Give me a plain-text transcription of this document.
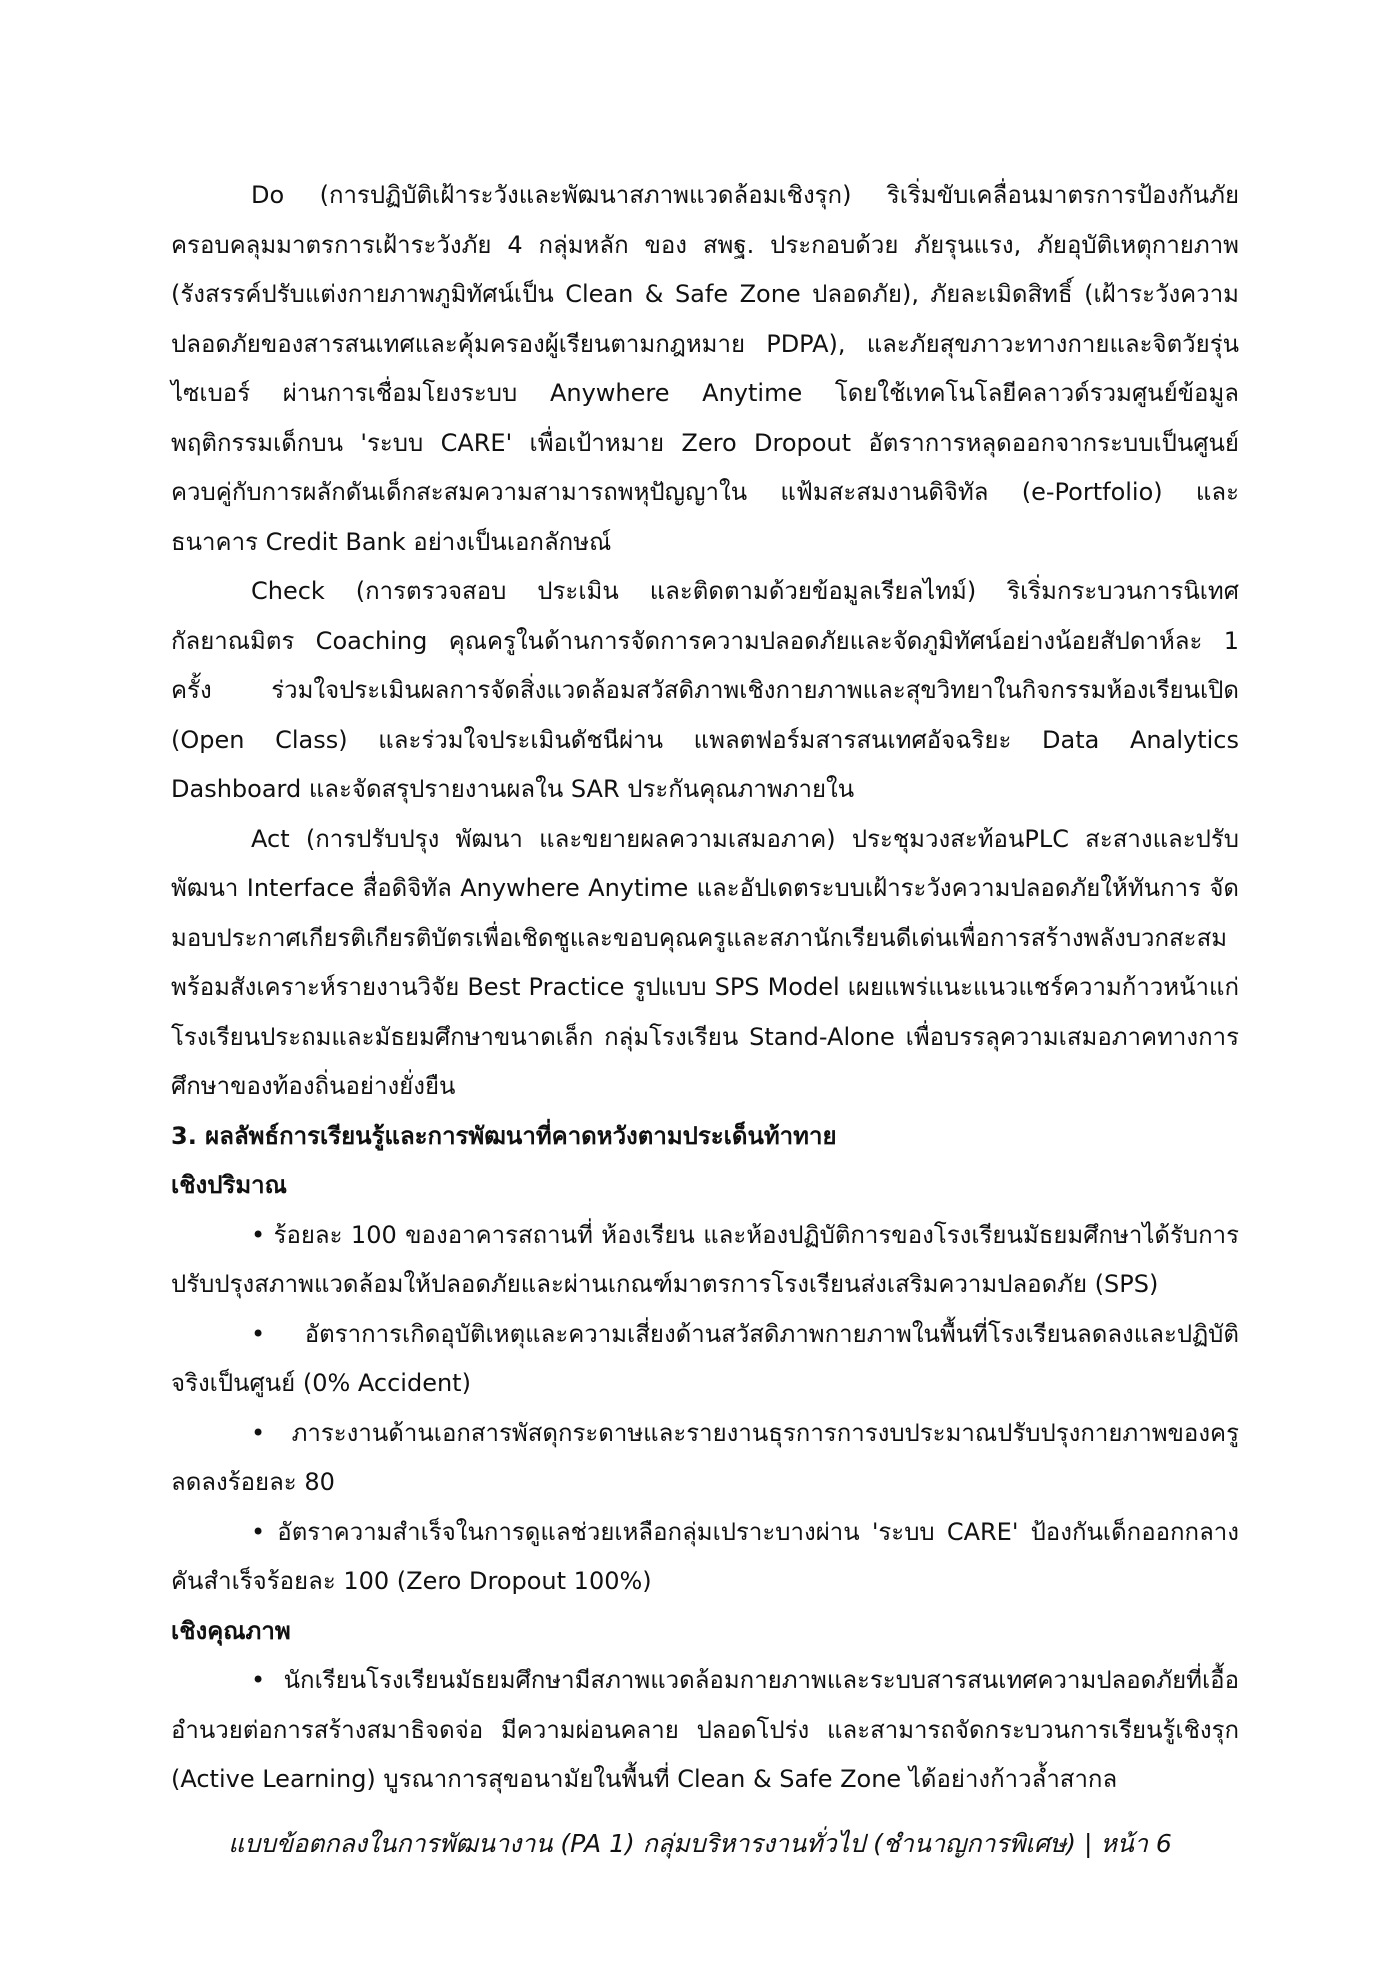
Do (การปฏิบัติเฝ้าระวังและพัฒนาสภาพแวดล้อมเชิงรุก) ริเริ่มขับเคลื่อนมาตรการป้องกันภัยครอบคลุมมาตรการเฝ้าระวังภัย 4 กลุ่มหลัก ของ สพฐ. ประกอบด้วย ภัยรุนแรง, ภัยอุบัติเหตุกายภาพ (รังสรรค์ปรับแต่งกายภาพภูมิทัศน์เป็น Clean & Safe Zone ปลอดภัย), ภัยละเมิดสิทธิ์ (เฝ้าระวังความปลอดภัยของสารสนเทศและคุ้มครองผู้เรียนตามกฎหมาย PDPA), และภัยสุขภาวะทางกายและจิตวัยรุ่นไซเบอร์ ผ่านการเชื่อมโยงระบบ Anywhere Anytime โดยใช้เทคโนโลยีคลาวด์รวมศูนย์ข้อมูลพฤติกรรมเด็กบน 'ระบบ CARE' เพื่อเป้าหมาย Zero Dropout อัตราการหลุดออกจากระบบเป็นศูนย์ ควบคู่กับการผลักดันเด็กสะสมความสามารถพหุปัญญาใน แฟ้มสะสมงานดิจิทัล (e-Portfolio) และธนาคาร Credit Bank อย่างเป็นเอกลักษณ์

Check (การตรวจสอบ ประเมิน และติดตามด้วยข้อมูลเรียลไทม์) ริเริ่มกระบวนการนิเทศกัลยาณมิตร Coaching คุณครูในด้านการจัดการความปลอดภัยและจัดภูมิทัศน์อย่างน้อยสัปดาห์ละ 1 ครั้ง ร่วมใจประเมินผลการจัดสิ่งแวดล้อมสวัสดิภาพเชิงกายภาพและสุขวิทยาในกิจกรรมห้องเรียนเปิด (Open Class) และร่วมใจประเมินดัชนีผ่าน แพลตฟอร์มสารสนเทศอัจฉริยะ Data Analytics Dashboard และจัดสรุปรายงานผลใน SAR ประกันคุณภาพภายใน

Act (การปรับปรุง พัฒนา และขยายผลความเสมอภาค) ประชุมวงสะท้อนPLC สะสางและปรับพัฒนา Interface สื่อดิจิทัล Anywhere Anytime และอัปเดตระบบเฝ้าระวังความปลอดภัยให้ทันการ จัดมอบประกาศเกียรติเกียรติบัตรเพื่อเชิดชูและขอบคุณครูและสภานักเรียนดีเด่นเพื่อการสร้างพลังบวกสะสม พร้อมสังเคราะห์รายงานวิจัย Best Practice รูปแบบ SPS Model เผยแพร่แนะแนวแชร์ความก้าวหน้าแก่โรงเรียนประถมและมัธยมศึกษาขนาดเล็ก กลุ่มโรงเรียน Stand-Alone เพื่อบรรลุความเสมอภาคทางการศึกษาของท้องถิ่นอย่างยั่งยืน

3. ผลลัพธ์การเรียนรู้และการพัฒนาที่คาดหวังตามประเด็นท้าทาย

เชิงปริมาณ

• ร้อยละ 100 ของอาคารสถานที่ ห้องเรียน และห้องปฏิบัติการของโรงเรียนมัธยมศึกษาได้รับการปรับปรุงสภาพแวดล้อมให้ปลอดภัยและผ่านเกณฑ์มาตรการโรงเรียนส่งเสริมความปลอดภัย (SPS)

• อัตราการเกิดอุบัติเหตุและความเสี่ยงด้านสวัสดิภาพกายภาพในพื้นที่โรงเรียนลดลงและปฏิบัติจริงเป็นศูนย์ (0% Accident)

• ภาระงานด้านเอกสารพัสดุกระดาษและรายงานธุรการการงบประมาณปรับปรุงกายภาพของครูลดลงร้อยละ 80

• อัตราความสำเร็จในการดูแลช่วยเหลือกลุ่มเปราะบางผ่าน 'ระบบ CARE' ป้องกันเด็กออกกลางคันสำเร็จร้อยละ 100 (Zero Dropout 100%)

เชิงคุณภาพ

• นักเรียนโรงเรียนมัธยมศึกษามีสภาพแวดล้อมกายภาพและระบบสารสนเทศความปลอดภัยที่เอื้ออำนวยต่อการสร้างสมาธิจดจ่อ มีความผ่อนคลาย ปลอดโปร่ง และสามารถจัดกระบวนการเรียนรู้เชิงรุก (Active Learning) บูรณาการสุขอนามัยในพื้นที่ Clean & Safe Zone ได้อย่างก้าวล้ำสากล

แบบข้อตกลงในการพัฒนางาน (PA 1) กลุ่มบริหารงานทั่วไป (ชำนาญการพิเศษ) | หน้า 6
